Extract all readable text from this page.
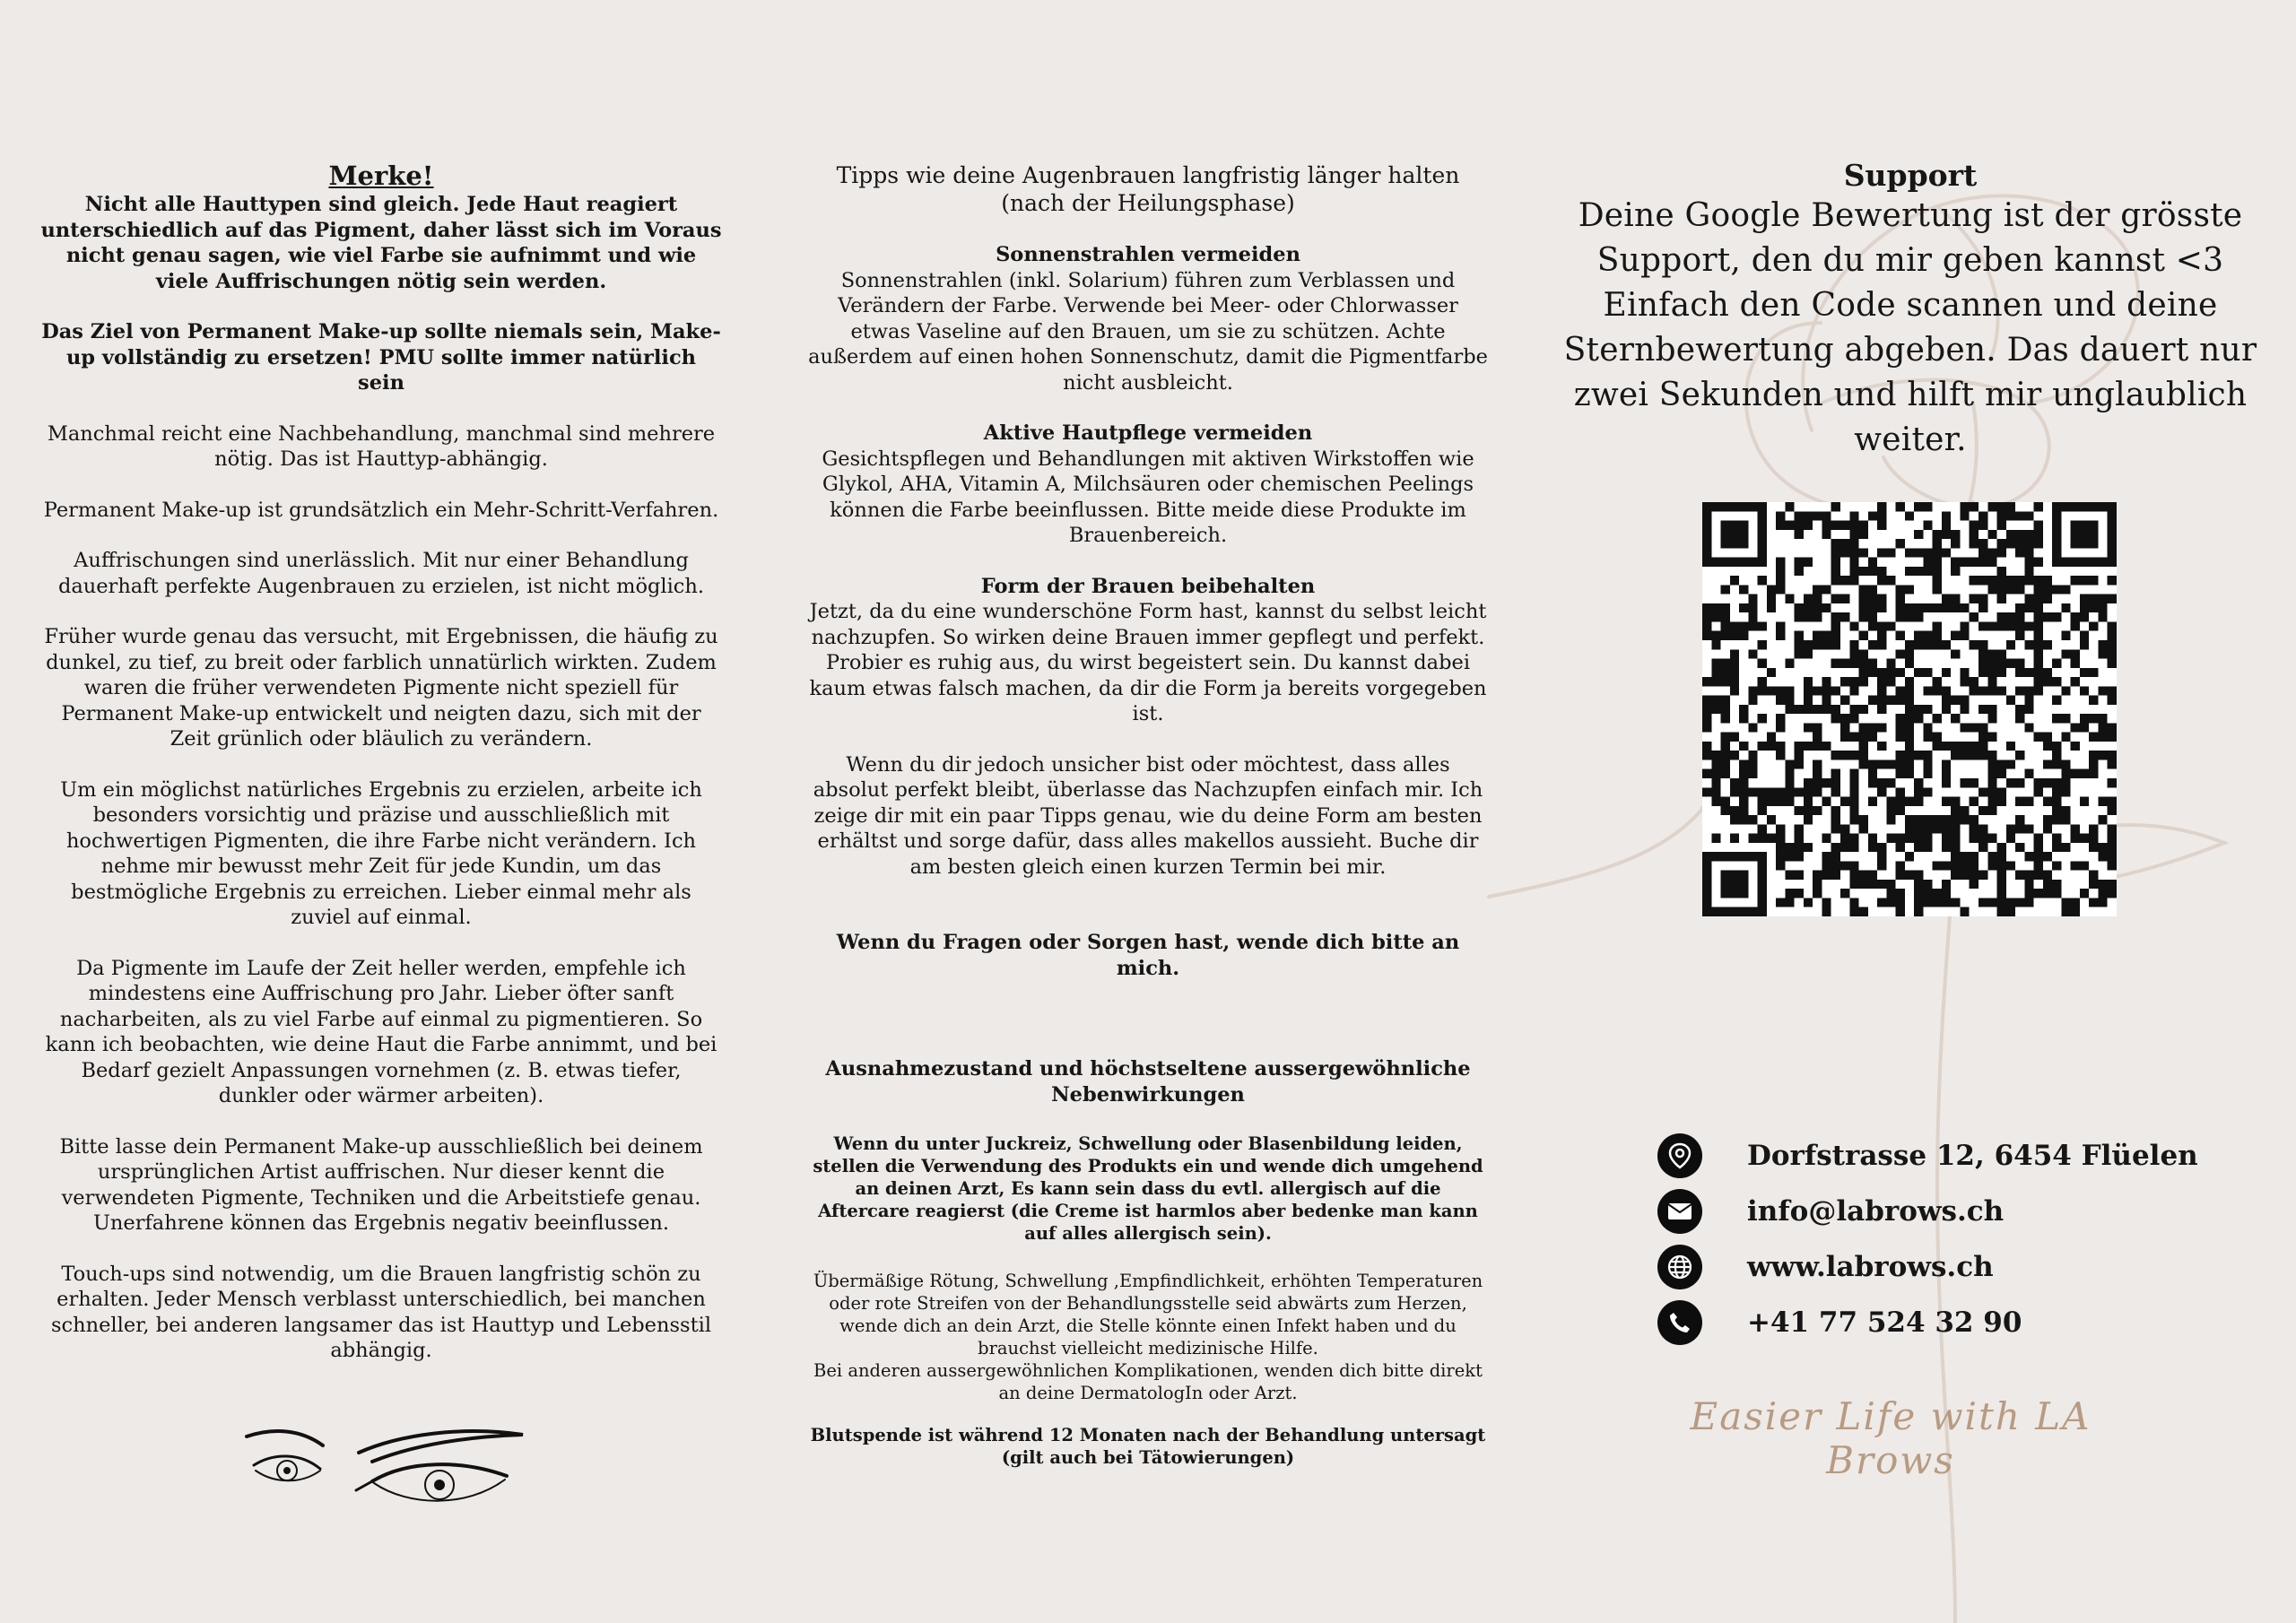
Merke!

Nicht alle Hauttypen sind gleich. Jede Haut reagiert unterschiedlich auf das Pigment, daher lässt sich im Voraus nicht genau sagen, wie viel Farbe sie aufnimmt und wie viele Auffrischungen nötig sein werden.

Das Ziel von Permanent Make-up sollte niemals sein, Make-up vollständig zu ersetzen! PMU sollte immer natürlich sein

Manchmal reicht eine Nachbehandlung, manchmal sind mehrere nötig. Das ist Hauttyp-abhängig.

Permanent Make-up ist grundsätzlich ein Mehr-Schritt-Verfahren.

Auffrischungen sind unerlässlich. Mit nur einer Behandlung dauerhaft perfekte Augenbrauen zu erzielen, ist nicht möglich.

Früher wurde genau das versucht, mit Ergebnissen, die häufig zu dunkel, zu tief, zu breit oder farblich unnatürlich wirkten. Zudem waren die früher verwendeten Pigmente nicht speziell für Permanent Make-up entwickelt und neigten dazu, sich mit der Zeit grünlich oder bläulich zu verändern.

Um ein möglichst natürliches Ergebnis zu erzielen, arbeite ich besonders vorsichtig und präzise und ausschließlich mit hochwertigen Pigmenten, die ihre Farbe nicht verändern. Ich nehme mir bewusst mehr Zeit für jede Kundin, um das bestmögliche Ergebnis zu erreichen. Lieber einmal mehr als zuviel auf einmal.

Da Pigmente im Laufe der Zeit heller werden, empfehle ich mindestens eine Auffrischung pro Jahr. Lieber öfter sanft nacharbeiten, als zu viel Farbe auf einmal zu pigmentieren. So kann ich beobachten, wie deine Haut die Farbe annimmt, und bei Bedarf gezielt Anpassungen vornehmen (z. B. etwas tiefer, dunkler oder wärmer arbeiten).

Bitte lasse dein Permanent Make-up ausschließlich bei deinem ursprünglichen Artist auffrischen. Nur dieser kennt die verwendeten Pigmente, Techniken und die Arbeitstiefe genau. Unerfahrene können das Ergebnis negativ beeinflussen.

Touch-ups sind notwendig, um die Brauen langfristig schön zu erhalten. Jeder Mensch verblasst unterschiedlich, bei manchen schneller, bei anderen langsamer das ist Hauttyp und Lebensstil abhängig.

Tipps wie deine Augenbrauen langfristig länger halten (nach der Heilungsphase)

Sonnenstrahlen vermeiden

Sonnenstrahlen (inkl. Solarium) führen zum Verblassen und Verändern der Farbe. Verwende bei Meer- oder Chlorwasser etwas Vaseline auf den Brauen, um sie zu schützen. Achte außerdem auf einen hohen Sonnenschutz, damit die Pigmentfarbe nicht ausbleicht.

Aktive Hautpflege vermeiden

Gesichtspflegen und Behandlungen mit aktiven Wirkstoffen wie Glykol, AHA, Vitamin A, Milchsäuren oder chemischen Peelings können die Farbe beeinflussen. Bitte meide diese Produkte im Brauenbereich.

Form der Brauen beibehalten

Jetzt, da du eine wunderschöne Form hast, kannst du selbst leicht nachzupfen. So wirken deine Brauen immer gepflegt und perfekt. Probier es ruhig aus, du wirst begeistert sein. Du kannst dabei kaum etwas falsch machen, da dir die Form ja bereits vorgegeben ist.

Wenn du dir jedoch unsicher bist oder möchtest, dass alles absolut perfekt bleibt, überlasse das Nachzupfen einfach mir. Ich zeige dir mit ein paar Tipps genau, wie du deine Form am besten erhältst und sorge dafür, dass alles makellos aussieht. Buche dir am besten gleich einen kurzen Termin bei mir.

Wenn du Fragen oder Sorgen hast, wende dich bitte an mich.

Ausnahmezustand und höchstseltene aussergewöhnliche Nebenwirkungen

Wenn du unter Juckreiz, Schwellung oder Blasenbildung leiden, stellen die Verwendung des Produkts ein und wende dich umgehend an deinen Arzt, Es kann sein dass du evtl. allergisch auf die Aftercare reagierst (die Creme ist harmlos aber bedenke man kann auf alles allergisch sein).

Übermäßige Rötung, Schwellung ,Empfindlichkeit, erhöhten Temperaturen oder rote Streifen von der Behandlungsstelle seid abwärts zum Herzen, wende dich an dein Arzt, die Stelle könnte einen Infekt haben und du brauchst vielleicht medizinische Hilfe.

Bei anderen aussergewöhnlichen Komplikationen, wenden dich bitte direkt an deine DermatologIn oder Arzt.

Blutspende ist während 12 Monaten nach der Behandlung untersagt (gilt auch bei Tätowierungen)

Support

Deine Google Bewertung ist der grösste Support, den du mir geben kannst <3 Einfach den Code scannen und deine Sternbewertung abgeben. Das dauert nur zwei Sekunden und hilft mir unglaublich weiter.

Dorfstrasse 12, 6454 Flüelen
info@labrows.ch
www.labrows.ch
+41 77 524 32 90
Easier Life with LA Brows
